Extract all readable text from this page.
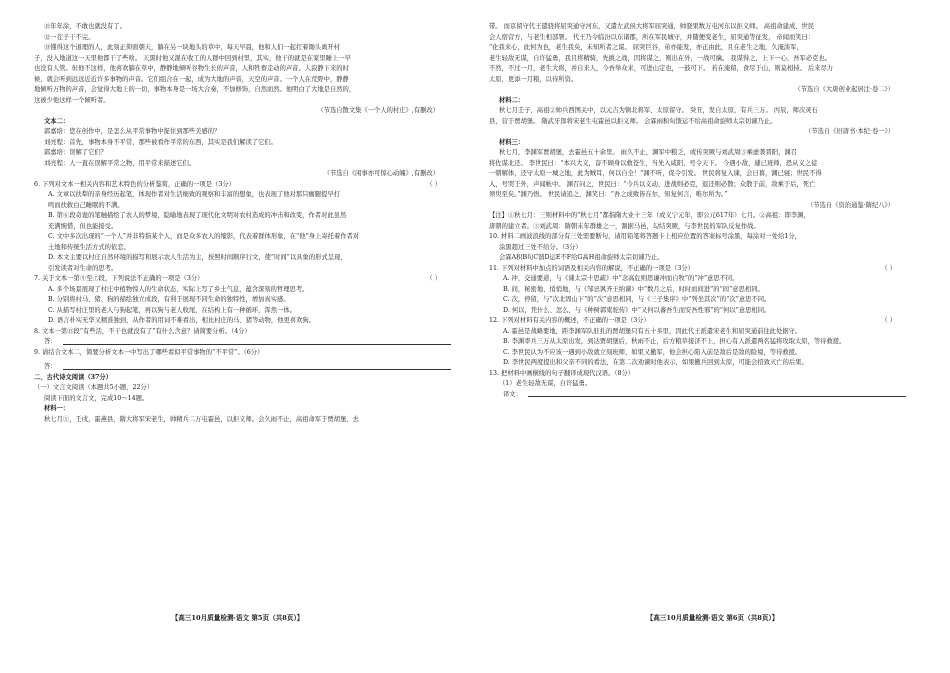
⑪年年涂，不敢也就没有了。
⑫一茬子干不完。
⑬懂得这个道理的人，此刻正仰面朝天，躺在另一块地头的草中，每天早晨，他和人们一起扛着锄头离开村
子，没入地道这一天里他都干了些啥。 天黑时他又混在收工的人群中回到村里，其实，他干的就是在家里睡上一早
也没有人管。但他不这样，他喜欢躺在草中，静静地倾听谷物生长的声音，人和牲畜走动的声音。人寂静下来的时
候，就会听到远远近近许多事物的声音。它们组合在一起，成为大地的声音，天空的声音。一个人在荒野中，静静
地倾听万物的声音，会觉得大地上的一切，事物本身是一场大合奏，不加修饰，自然而然。他明白了大地是自然的，
这被少他这样一个倾听者。
（节选自散文集《一个人的村庄》,有删改）
文本二：
郭嘉培：您在创作中，是怎么从平常事物中捉住到那些美感的？
刘亮程：首先，事物本身不平常，那些被看作平常的东西，其实是我们解读了它们。
郭嘉培：误解了它们？
刘亮程：人一直在误解平常之物，用平常来描述它们。
（节选自《闲事亦可惊心动魄》,有删改）
6. 下列对文本一相关内容和艺术特色的分析鉴赏，正确的一项是（3分）	（ ）
A. 文章以扶犁的亲身经历起笔，体现作者对生活细致的观察和丰富的想象，也表现了他对那只瘸腿提早打
鸣而扶救白己睡眠的不满。
B. 第⑥段奇诡的笔触描绘了农人的梦境，隐喻地表现了现代化文明对农村造成的冲击和改变，作者对此虽然
充满惋惜，但也能接受。
C. 文中多次出现的“一个人”并非特指某个人，而是众多农人的缩影，代表着群体形象，在“他”身上寄托着作者对
土地和传统生活方式的依恋。
D. 本文主要以村庄自然环境的描写和展示农人生活为主，按照时间顺序行文，使“时间”以具象的形式呈现，
引发读者对生命的思考。
7. 关于文本一第⑤至⑦段，下列说法不正确的一项是（3分）	（ ）
A. 多个场景展现了村庄中植物惊人的生命状态，实际上写了乡土气息，蕴含深刻的哲理思考。
B. 分别将村马、猪、狗的描绘独立成段，有利于展现不同生命的独特性，增加真实感。
C. 从描写村庄里的老人与狗起笔，再以狗与老人收尾，在结构上有一种循环，浑然一体。
D. 语言朴实无华又精准独到，从作者的用词不难看出，相比村庄的马、猪等动物，他更喜欢狗。
8. 文本一第⑬段“有些活，不干也就没有了”有什么含意？请简要分析。（4分）
答：
9. 请结合文本二，简要分析文本一中写出了哪些看似平常事物的“不平常”。（6分）
答：
二、古代诗文阅读（37分）
（一）文言文阅读（本题共5小题，22分）
阅读下面的文言文，完成10～14题。
材料一：
秋七月①，壬戌，霍燕县，隋大将军宋老生，帅精兵二万屯霍邑，以拒义师。会久雨不止，高祖命军于贾胡堡，去
【高三10月质量检测·语文 第5页（共8页）】
带。 而京留守代王遣骁将屈突通守河东，又遣左武侯大将军屈突通，帅骁果数万屯河东以拒义师。 高祖命建成、世民
会人宿营方，与老生相部署。 代王乃令临汾以东诸郡，所在军民城守，并随便变老生，屈突通等征发， 帝闻而笑曰：
“化我来心，此何为也，老生我矣，未知所者之谋。 屈突巨谷，弟亦能发，亦正由此，且在老生之地，久淹淡军，
老生轻敌无谋，自许猛勇，我且将精骑，先挑之战，因将谋之，则出在外，一战可擒。 我谋得之，上下一心，吾军必克也。
不然，不过一月，老生大将，并自来人，今吾举众来，可进山定也，一鼓可下。 若在淹留，食尽于山，则莫相持。 后来尽力
太原，更添一月粮，以待所资。
（节选自《大唐创业起居注·卷二》）
材料二：
秋七月壬子，高祖②帅兵西图关中，以元吉为镇北将军、太原留守。 癸丑，发自太原，有兵三万。 丙辰，师次灵石
县，营于贾胡堡。 隋武牙郎将宋老生屯霍邑以拒义师。 会霖雨积旬馈运不给高祖命旋师太宗切谏乃止。
（节选自《旧唐书·本纪·卷一》）
材料三：
秋七月，李渊军贾胡堡，去霍邑五十余里。 雨久不止，渊军中粮乏，或传突厥与刘武周③乘虚袭晋阳，渊召
将佐谋北还。 李世民曰：“本兴大义，奋不顾身以救苍生，当先入咸阳，号令天下。 今遇小敌，遽已班师，恐从义之徒
一朝解体，还守太原一城之地，此为贼耳，何以自全！”渊不听，促令引发。 世民将复入谏，会日暮，渊已寝；世民不得
入，号哭于外，声闻帐中。 渊召问之，世民曰：“今兵以义动，进战则必克，退还则必散；众散于前，敌乘于后，死亡
须臾至矣。”渊乃悟。 世民请追之，渊笑曰：“吾之成败皆在尔，知复何言，唯尔所为。”
（节选自《资治通鉴·隋纪八》）
【注】①秋七月：三则材料中的“秋七月”都指隋大业十三年（或义宁元年，即公元617年）七月。②高祖：即李渊，
唐朝的建立者。③刘武周：隋朝末年群雄之一，割据马邑，勾结突厥，与李世民的军队反复作战。
10. 材料二画波浪线的部分有三处需要断句，请用铅笔将答题卡上相应位置的答案标号涂黑，每涂对一处给1分，
涂黑超过三处不给分。（3分）
会霖A积B旬C馈D运E不F给G高H祖命旋师太宗切谏乃止。
11. 下列对材料中加点的词语及相关内容的解说，不正确的一项是（3分）	（ ）
A. 冲，交通要道，与《谏太宗十思疏》中“念高危则思谦冲而自牧”的“冲”意思不同。
B. 间，秘密地、悄悄地，与《邹忌讽齐王纳谏》中“数月之后，时时而间进”的“间”意思相同。
C. 次，停留，与“次北固山下”的“次”意思相同，与《三子集序》中“列坐其次”的“次”意思不同。
D. 何以，凭什么、怎么，与《种树郭橐驼传》中“又何以蕃吾生而安吾性邪”的“何以”意思相同。
12. 下列对材料有关内容的概述，不正确的一项是（3分）	（ ）
A. 霍邑是战略要地，距李渊军队驻扎的贾胡堡只有五十多里，因此代王派遣宋老生和屈突通前往此处据守。
B. 李渊率兵三万从太原出发，到达贾胡堡后，秋雨不止，后方粮草接济不上，担心有人派遣两名猛将攻取太原，等待救援。
C. 李世民认为不应该一遇到小敌就立刻班师，如果又撤军，他会担心陷入前是敌后是敌的险境，等待救援。
D. 李世民两度提出和父亲不同的看法，在第二次劝谏时他表示，如果撤兵回到太原，可能会招致灭亡的后果。
13. 把材料中画横线的句子翻译成现代汉语。（8分）
（1）老生轻敌无谋，自许猛勇。
译文：
【高三10月质量检测·语文 第6页（共8页）】
